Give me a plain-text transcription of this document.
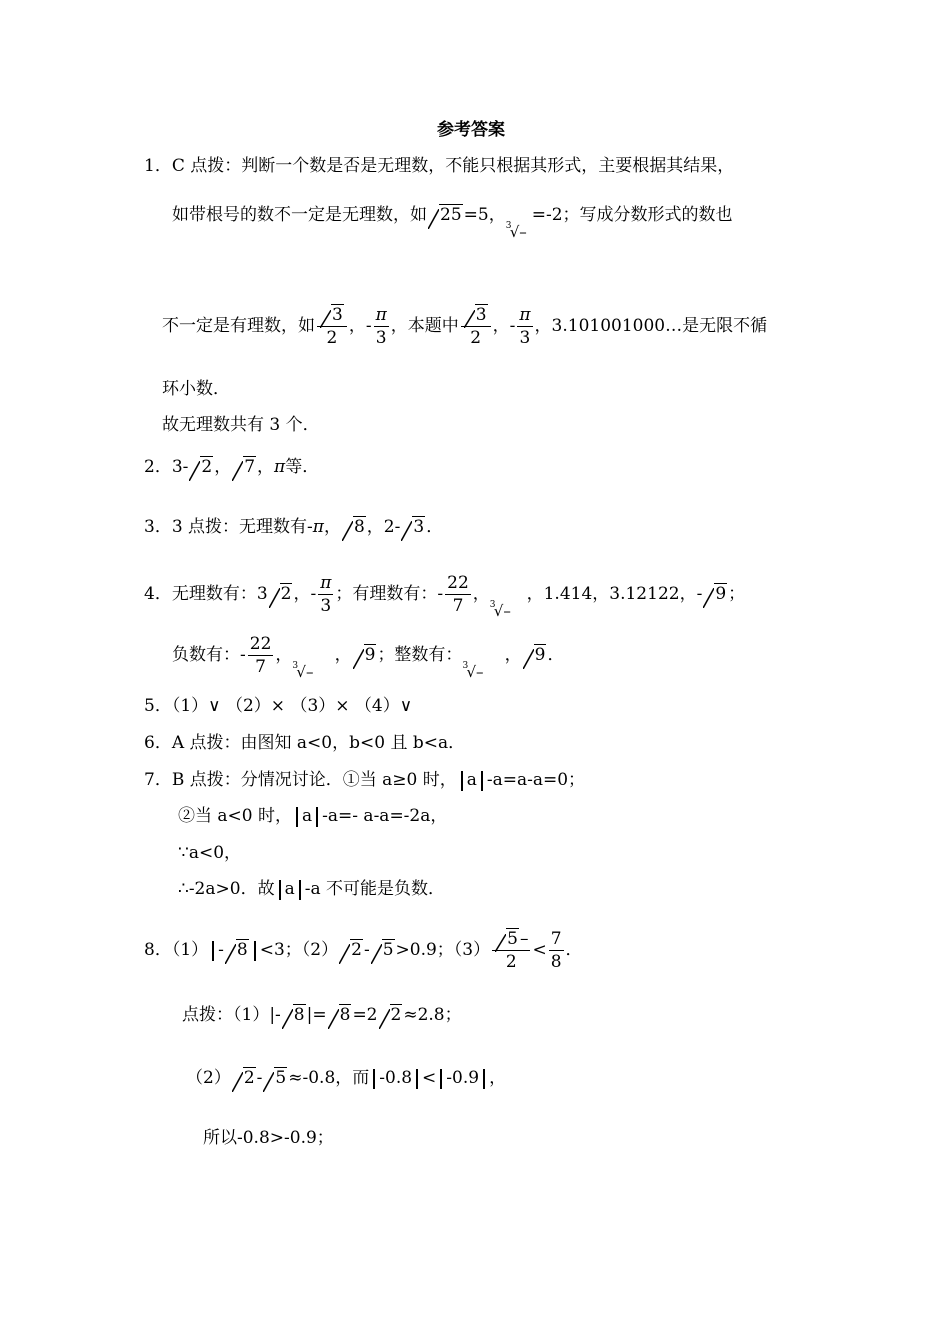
参考答案
1．C 点拨：判断一个数是否是无理数，不能只根据其形式，主要根据其结果，
如带根号的数不一定是无理数，如 25 =5，
3
√–
=-2；写成分数形式的数也
不一定是有理数，如 $\frac{3}{2}$ ，- $\frac{\pi}{3}$ ，本题中 $\frac{3}{2}$ ，- $\frac{\pi}{3}$ ，3.101001000…是无限不循
环小数．
故无理数共有 3 个．
2．3- 2 ， 7 ，π等．
3．3 点拨：无理数有-π， 8 ，2- 3 ．
4．无理数有：3 2 ，- $\frac{\pi}{3}$ ；有理数有：- $\frac{22}{7}$ ，
3
√–
，1.414，3.12122，- 9 ；
负数有：- $\frac{22}{7}$ ，
3
√–
， 9 ；整数有：
3
√–
， 9 ．
5．（1）∨ （2）× （3）× （4）∨
6．A 点拨：由图知 a<0，b<0 且 b<a．
7．B 点拨：分情况讨论．①当 a≥0 时， a -a=a-a=0；
②当 a<0 时， a -a=- a-a=-2a，
∵a<0，
∴-2a>0．故 a -a 不可能是负数．
8．（1） - 8 <3；（2） 2 - 5 >0.9；$(3) \frac{5 -}{2} < \frac{7}{8}$ ．
点拨：（1）|- 8 |= 8 =2 2 ≈2.8；
（2） 2 - 5 ≈-0.8，而 -0.8 < -0.9 ，
所以-0.8>-0.9；
